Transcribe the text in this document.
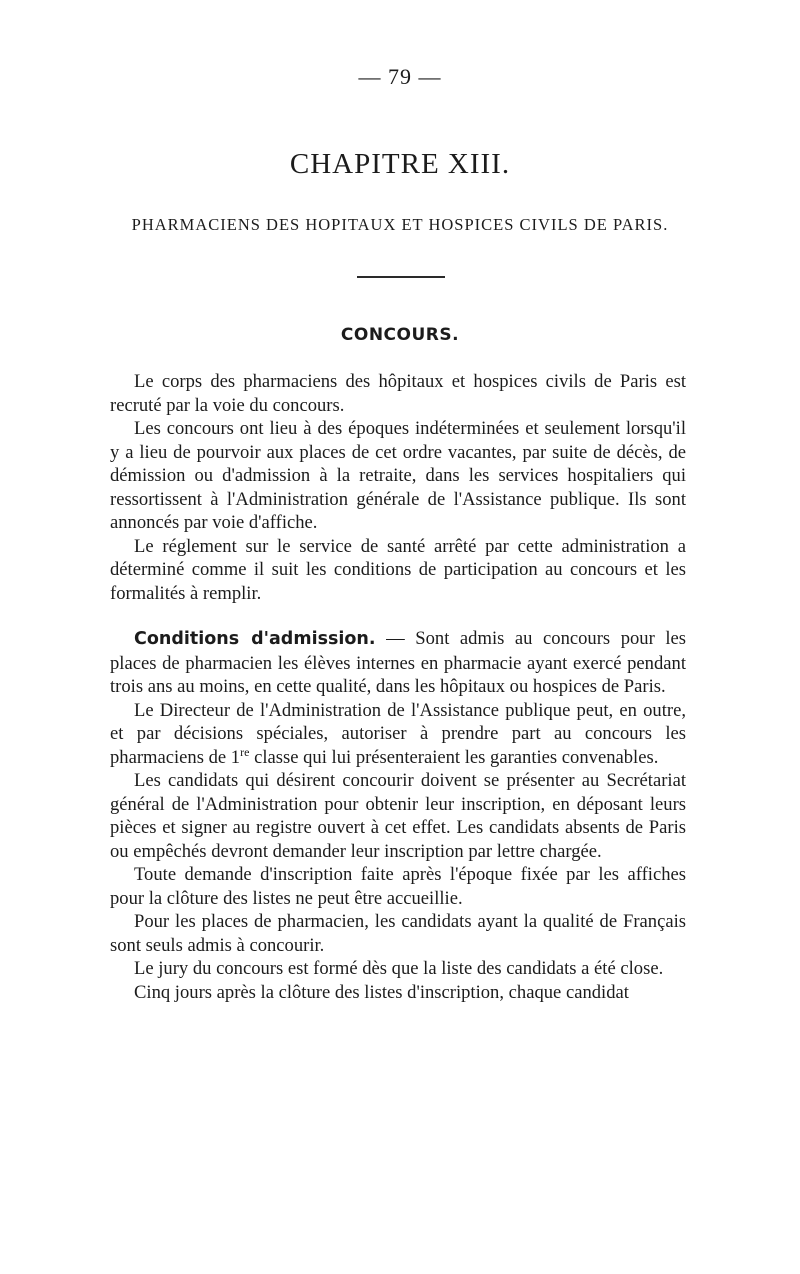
— 79 —
CHAPITRE XIII.
PHARMACIENS DES HOPITAUX ET HOSPICES CIVILS DE PARIS.
CONCOURS.

Le corps des pharmaciens des hôpitaux et hospices civils de Paris est recruté par la voie du concours.

Les concours ont lieu à des époques indéterminées et seulement lorsqu'il y a lieu de pourvoir aux places de cet ordre vacantes, par suite de décès, de démission ou d'admission à la retraite, dans les services hospitaliers qui ressortissent à l'Administration générale de l'Assistance publique. Ils sont annoncés par voie d'affiche.

Le réglement sur le service de santé arrêté par cette administration a déterminé comme il suit les conditions de participation au concours et les formalités à remplir.

Conditions d'admission. — Sont admis au concours pour les places de pharmacien les élèves internes en pharmacie ayant exercé pendant trois ans au moins, en cette qualité, dans les hôpitaux ou hospices de Paris.

Le Directeur de l'Administration de l'Assistance publique peut, en outre, et par décisions spéciales, autoriser à prendre part au concours les pharmaciens de 1re classe qui lui présenteraient les garanties convenables.

Les candidats qui désirent concourir doivent se présenter au Secrétariat général de l'Administration pour obtenir leur inscription, en déposant leurs pièces et signer au registre ouvert à cet effet. Les candidats absents de Paris ou empêchés devront demander leur inscription par lettre chargée.

Toute demande d'inscription faite après l'époque fixée par les affiches pour la clôture des listes ne peut être accueillie.

Pour les places de pharmacien, les candidats ayant la qualité de Français sont seuls admis à concourir.

Le jury du concours est formé dès que la liste des candidats a été close.

Cinq jours après la clôture des listes d'inscription, chaque candidat
